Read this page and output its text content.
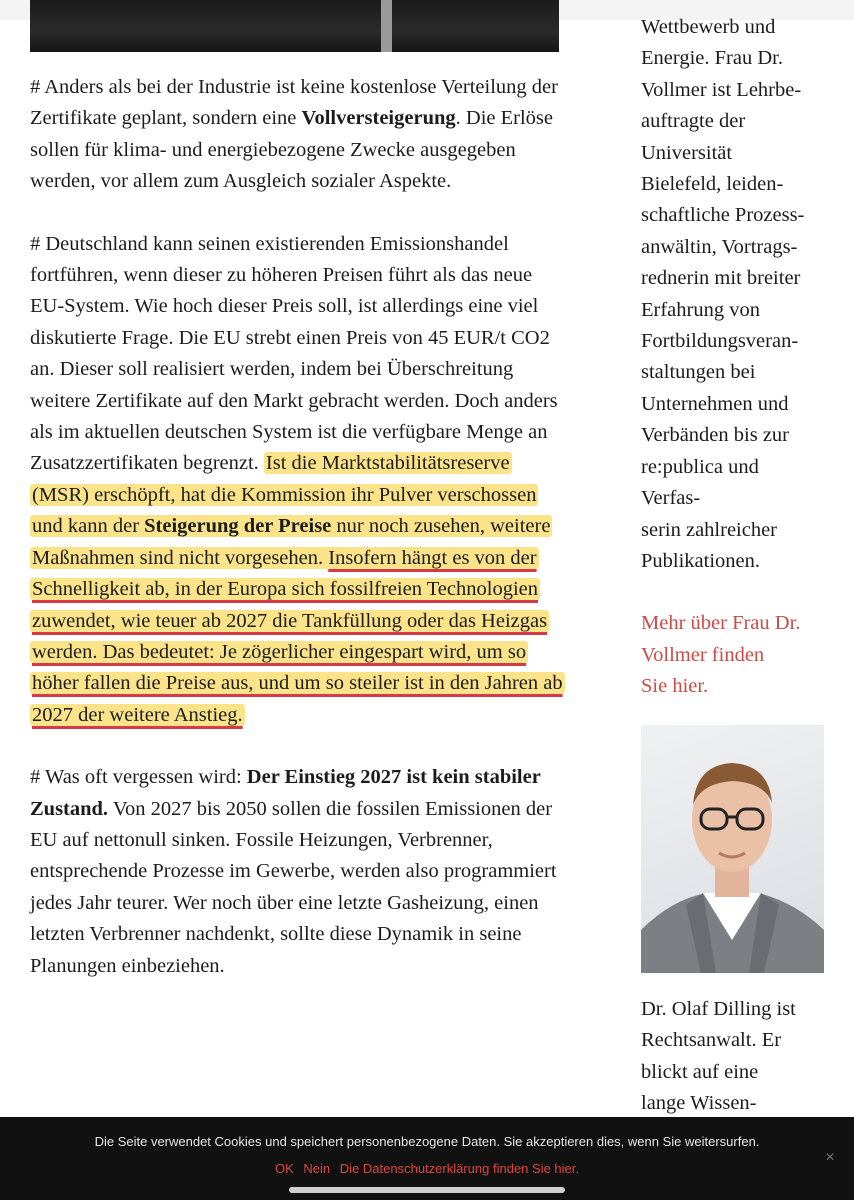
# Anders als bei der Industrie ist keine kostenlose Verteilung der Zertifikate geplant, sondern eine Vollversteigerung. Die Erlöse sollen für klima- und energiebezogene Zwecke ausgegeben werden, vor allem zum Ausgleich sozialer Aspekte.

# Deutschland kann seinen existierenden Emissionshandel fortführen, wenn dieser zu höheren Preisen führt als das neue EU-System. Wie hoch dieser Preis soll, ist allerdings eine viel diskutierte Frage. Die EU strebt einen Preis von 45 EUR/t CO2 an. Dieser soll realisiert werden, indem bei Überschreitung weitere Zertifikate auf den Markt gebracht werden. Doch anders als im aktuellen deutschen System ist die verfügbare Menge an Zusatzzertifikaten begrenzt. Ist die Marktstabilitätsreserve (MSR) erschöpft, hat die Kommission ihr Pulver verschossen und kann der Steigerung der Preise nur noch zusehen, weitere Maßnahmen sind nicht vorgesehen. Insofern hängt es von der Schnelligkeit ab, in der Europa sich fossilfreien Technologien zuwendet, wie teuer ab 2027 die Tankfüllung oder das Heizgas werden. Das bedeutet: Je zögerlicher eingespart wird, um so höher fallen die Preise aus, und um so steiler ist in den Jahren ab 2027 der weitere Anstieg.

# Was oft vergessen wird: Der Einstieg 2027 ist kein stabiler Zustand. Von 2027 bis 2050 sollen die fossilen Emissionen der EU auf nettonull sinken. Fossile Heizungen, Verbrenner, entsprechende Prozesse im Gewerbe, werden also programmiert jedes Jahr teurer. Wer noch über eine letzte Gasheizung, einen letzten Verbrenner nachdenkt, sollte diese Dynamik in seine Planungen einbeziehen.

Wettbewerb und
Energie. Frau Dr.
Vollmer ist Lehrbe-
auftragte der
Universität
Bielefeld, leiden-
schaftliche Prozess-
anwältin, Vortrags-
rednerin mit breiter
Erfahrung von
Fortbildungsveran-
staltungen bei
Unternehmen und
Verbänden bis zur
re:publica und
Verfas-
serin zahlreicher
Publikationen.
Mehr über Frau Dr.
Vollmer finden
Sie hier.
Dr. Olaf Dilling ist
Rechtsanwalt. Er
blickt auf eine
lange Wissen-
Die Seite verwendet Cookies und speichert personenbezogene Daten. Sie akzeptieren dies, wenn Sie weitersurfen.
OK Nein Die Datenschutzerklärung finden Sie hier.
×
